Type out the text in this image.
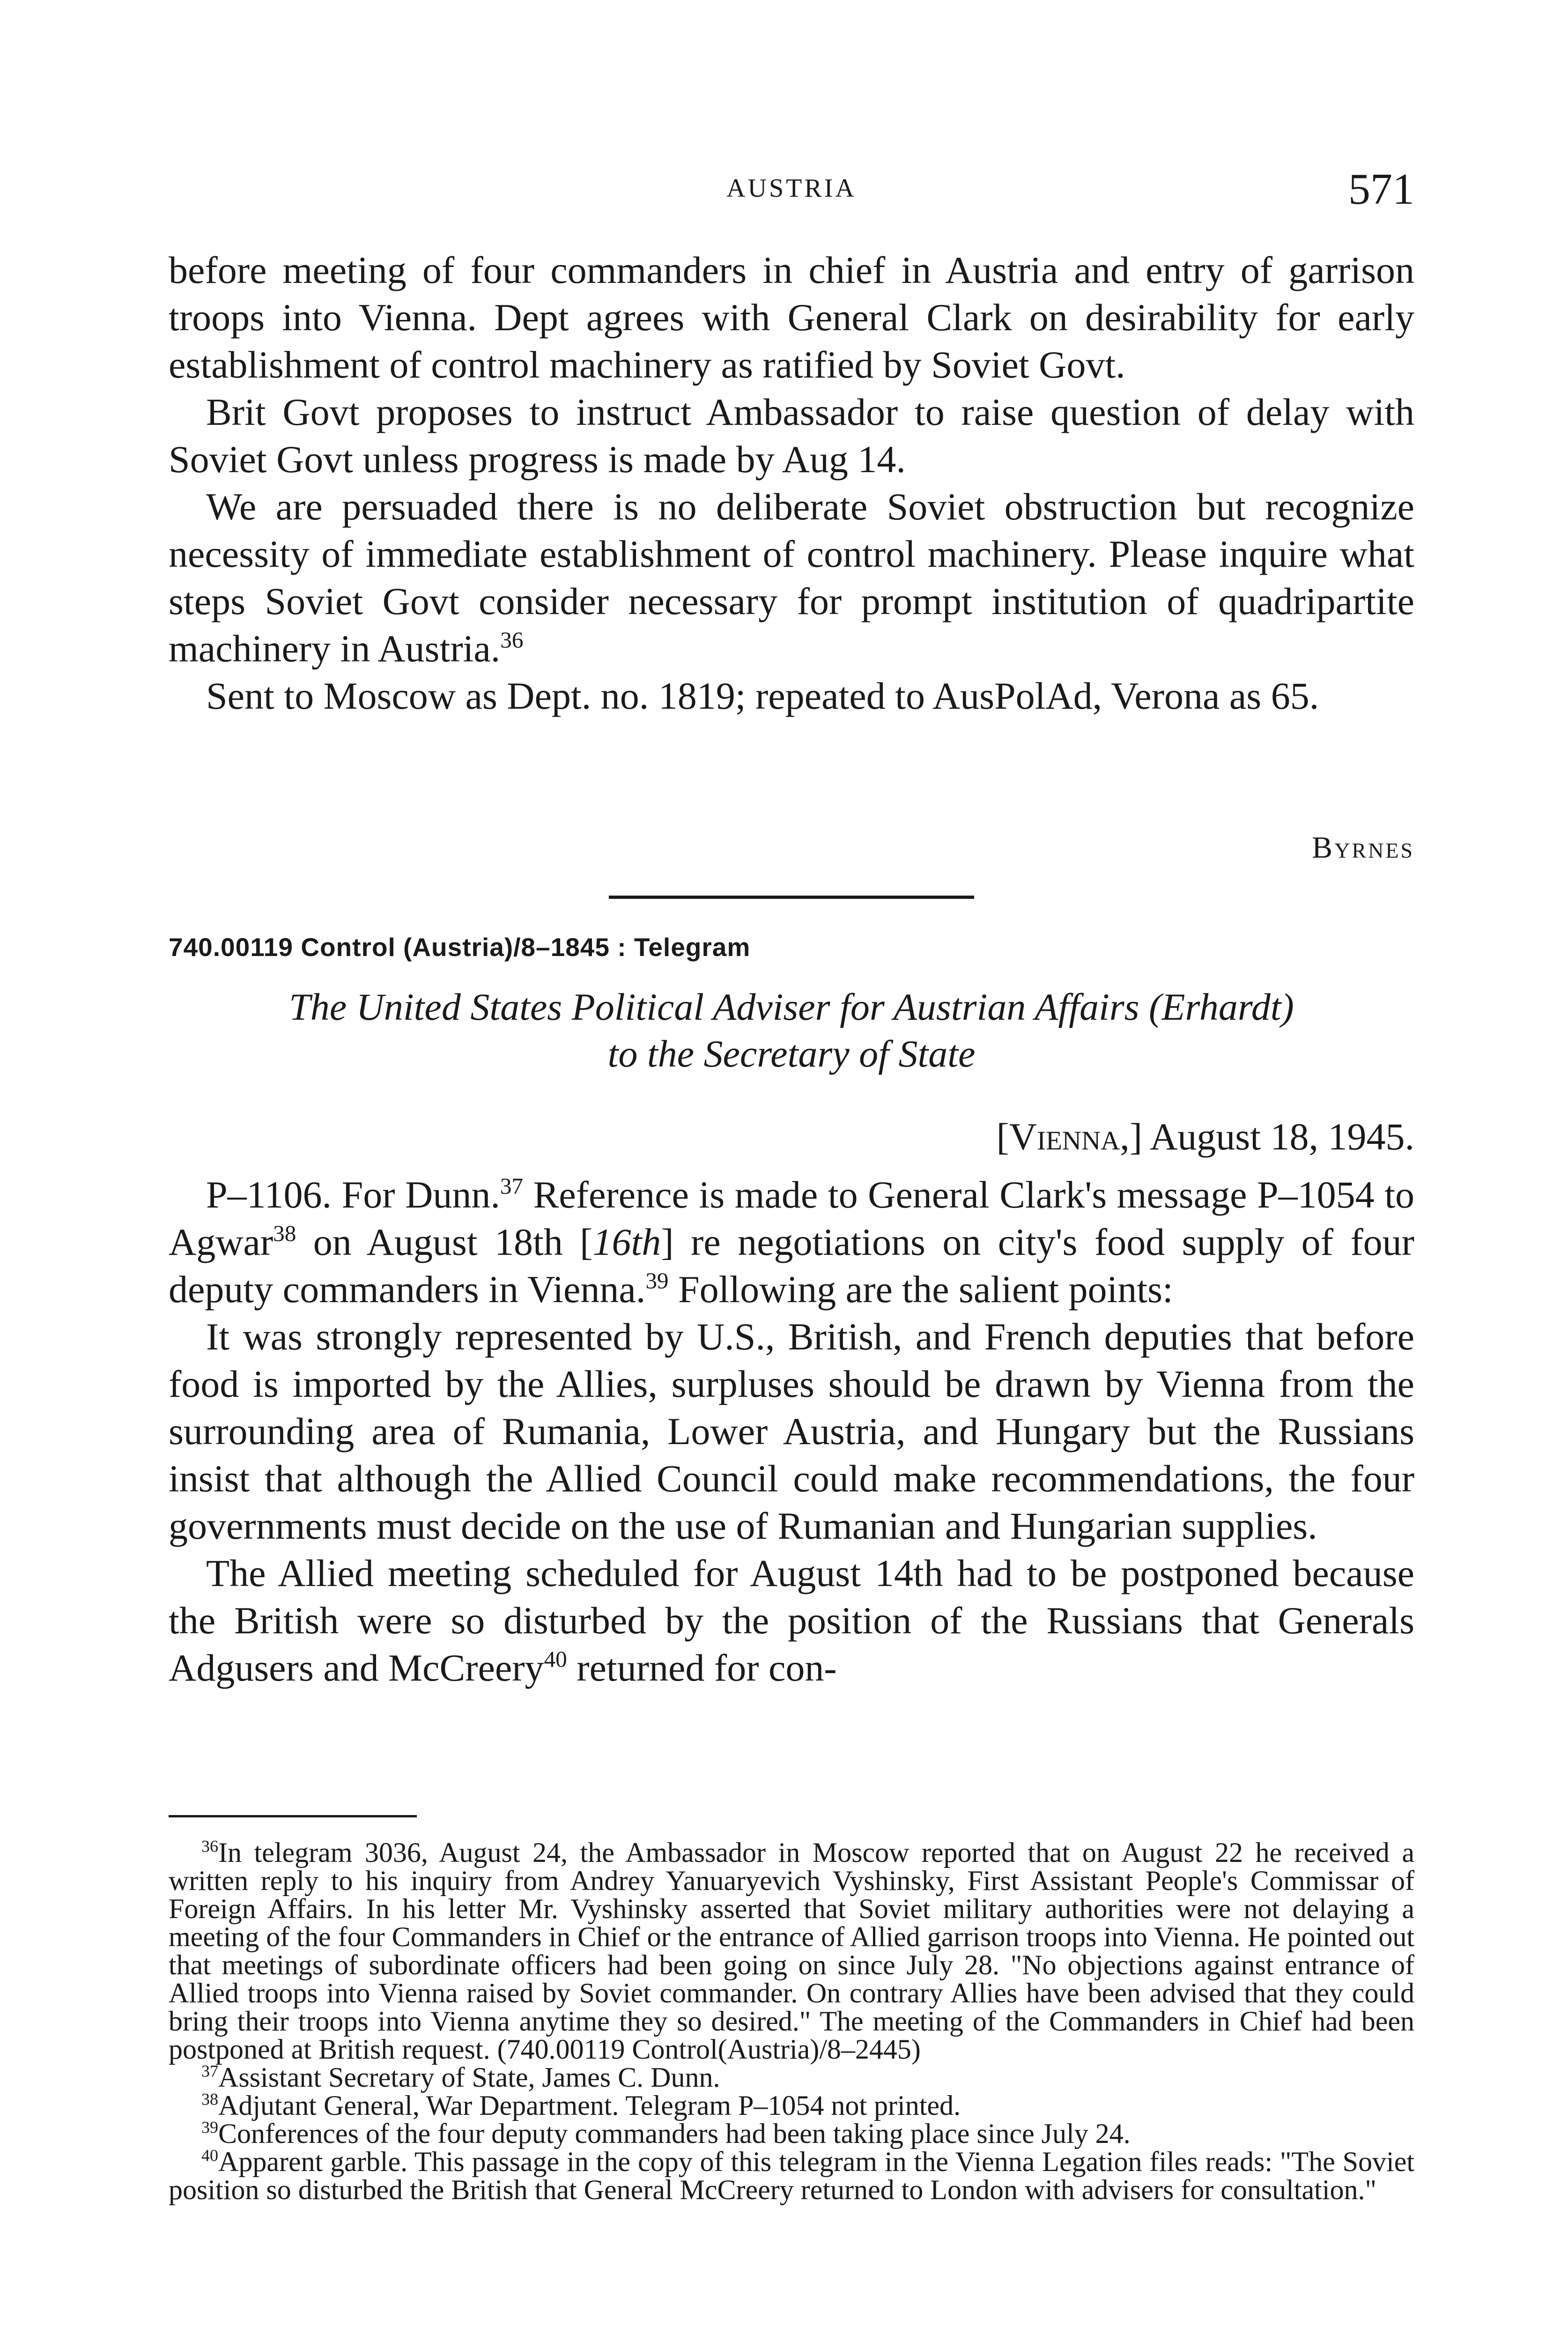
AUSTRIA	571

before meeting of four commanders in chief in Austria and entry of garrison troops into Vienna. Dept agrees with General Clark on desirability for early establishment of control machinery as ratified by Soviet Govt.

Brit Govt proposes to instruct Ambassador to raise question of delay with Soviet Govt unless progress is made by Aug 14.

We are persuaded there is no deliberate Soviet obstruction but recognize necessity of immediate establishment of control machinery. Please inquire what steps Soviet Govt consider necessary for prompt institution of quadripartite machinery in Austria.$^{36}$

Sent to Moscow as Dept. no. 1819; repeated to AusPolAd, Verona as 65.

Byrnes
740.00119 Control (Austria)/8–1845 : Telegram
The United States Political Adviser for Austrian Affairs (Erhardt)
to the Secretary of State
[Vienna,] August 18, 1945.

P–1106. For Dunn.$^{37}$ Reference is made to General Clark's message P–1054 to Agwar$^{38}$ on August 18th [16th] re negotiations on city's food supply of four deputy commanders in Vienna.$^{39}$ Following are the salient points:

It was strongly represented by U.S., British, and French deputies that before food is imported by the Allies, surpluses should be drawn by Vienna from the surrounding area of Rumania, Lower Austria, and Hungary but the Russians insist that although the Allied Council could make recommendations, the four governments must decide on the use of Rumanian and Hungarian supplies.

The Allied meeting scheduled for August 14th had to be postponed because the British were so disturbed by the position of the Russians that Generals Adgusers and McCreery$^{40}$ returned for con-

$^{36}$In telegram 3036, August 24, the Ambassador in Moscow reported that on August 22 he received a written reply to his inquiry from Andrey Yanuaryevich Vyshinsky, First Assistant People's Commissar of Foreign Affairs. In his letter Mr. Vyshinsky asserted that Soviet military authorities were not delaying a meeting of the four Commanders in Chief or the entrance of Allied garrison troops into Vienna. He pointed out that meetings of subordinate officers had been going on since July 28. "No objections against entrance of Allied troops into Vienna raised by Soviet commander. On contrary Allies have been advised that they could bring their troops into Vienna anytime they so desired." The meeting of the Commanders in Chief had been postponed at British request. (740.00119 Control(Austria)/8–2445)

$^{37}$Assistant Secretary of State, James C. Dunn.

$^{38}$Adjutant General, War Department. Telegram P–1054 not printed.

$^{39}$Conferences of the four deputy commanders had been taking place since July 24.

$^{40}$Apparent garble. This passage in the copy of this telegram in the Vienna Legation files reads: "The Soviet position so disturbed the British that General McCreery returned to London with advisers for consultation."
